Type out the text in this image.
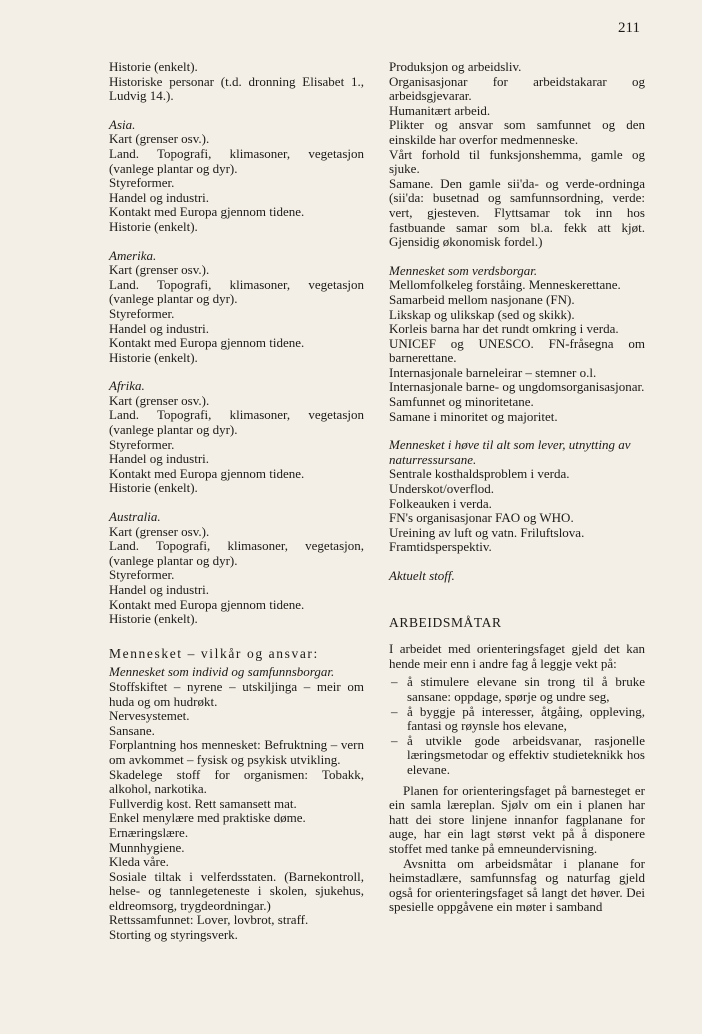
211
Historie (enkelt).
Historiske personar (t.d. dronning Elisabet 1., Ludvig 14.).
Asia.
Kart (grenser osv.).
Land. Topografi, klimasoner, vegetasjon (vanlege plantar og dyr).
Styreformer.
Handel og industri.
Kontakt med Europa gjennom tidene.
Historie (enkelt).
Amerika.
Kart (grenser osv.).
Land. Topografi, klimasoner, vegetasjon (vanlege plantar og dyr).
Styreformer.
Handel og industri.
Kontakt med Europa gjennom tidene.
Historie (enkelt).
Afrika.
Kart (grenser osv.).
Land. Topografi, klimasoner, vegetasjon (vanlege plantar og dyr).
Styreformer.
Handel og industri.
Kontakt med Europa gjennom tidene.
Historie (enkelt).
Australia.
Kart (grenser osv.).
Land. Topografi, klimasoner, vegetasjon, (vanlege plantar og dyr).
Styreformer.
Handel og industri.
Kontakt med Europa gjennom tidene.
Historie (enkelt).
Mennesket – vilkår og ansvar:
Mennesket som individ og samfunnsborgar.
Stoffskiftet – nyrene – utskiljinga – meir om huda og om hudrøkt.
Nervesystemet.
Sansane.
Forplantning hos mennesket: Befruktning – vern om avkommet – fysisk og psykisk utvikling.
Skadelege stoff for organismen: Tobakk, alkohol, narkotika.
Fullverdig kost. Rett samansett mat.
Enkel menylære med praktiske døme.
Ernæringslære.
Munnhygiene.
Kleda våre.
Sosiale tiltak i velferdsstaten. (Barnekontroll, helse- og tannlegeteneste i skolen, sjukehus, eldreomsorg, trygdeordningar.)
Rettssamfunnet: Lover, lovbrot, straff.
Storting og styringsverk.
Produksjon og arbeidsliv.
Organisasjonar for arbeidstakarar og arbeidsgjevarar.
Humanitært arbeid.
Plikter og ansvar som samfunnet og den einskilde har overfor medmenneske.
Vårt forhold til funksjonshemma, gamle og sjuke.
Samane. Den gamle sii'da- og verde-ordninga (sii'da: busetnad og samfunnsordning, verde: vert, gjesteven. Flyttsamar tok inn hos fastbuande samar som bl.a. fekk att kjøt. Gjensidig økonomisk fordel.)
Mennesket som verdsborgar.
Mellomfolkeleg forståing. Menneskerettane.
Samarbeid mellom nasjonane (FN).
Likskap og ulikskap (sed og skikk).
Korleis barna har det rundt omkring i verda.
UNICEF og UNESCO. FN-fråsegna om barnerettane.
Internasjonale barneleirar – stemner o.l.
Internasjonale barne- og ungdomsorganisasjonar.
Samfunnet og minoritetane.
Samane i minoritet og majoritet.
Mennesket i høve til alt som lever, utnytting av naturressursane.
Sentrale kosthaldsproblem i verda.
Underskot/overflod.
Folkeauken i verda.
FN's organisasjonar FAO og WHO.
Ureining av luft og vatn. Friluftslova.
Framtidsperspektiv.
Aktuelt stoff.
ARBEIDSMÅTAR
I arbeidet med orienteringsfaget gjeld det kan hende meir enn i andre fag å leggje vekt på:
– å stimulere elevane sin trong til å bruke sansane: oppdage, spørje og undre seg,
– å byggje på interesser, åtgåing, oppleving, fantasi og røynsle hos elevane,
– å utvikle gode arbeidsvanar, rasjonelle læringsmetodar og effektiv studieteknikk hos elevane.
Planen for orienteringsfaget på barnesteget er ein samla læreplan. Sjølv om ein i planen har hatt dei store linjene innanfor fagplanane for auge, har ein lagt størst vekt på å disponere stoffet med tanke på emneundervisning.
Avsnitta om arbeidsmåtar i planane for heimstadlære, samfunnsfag og naturfag gjeld også for orienteringsfaget så langt det høver. Dei spesielle oppgåvene ein møter i samband
